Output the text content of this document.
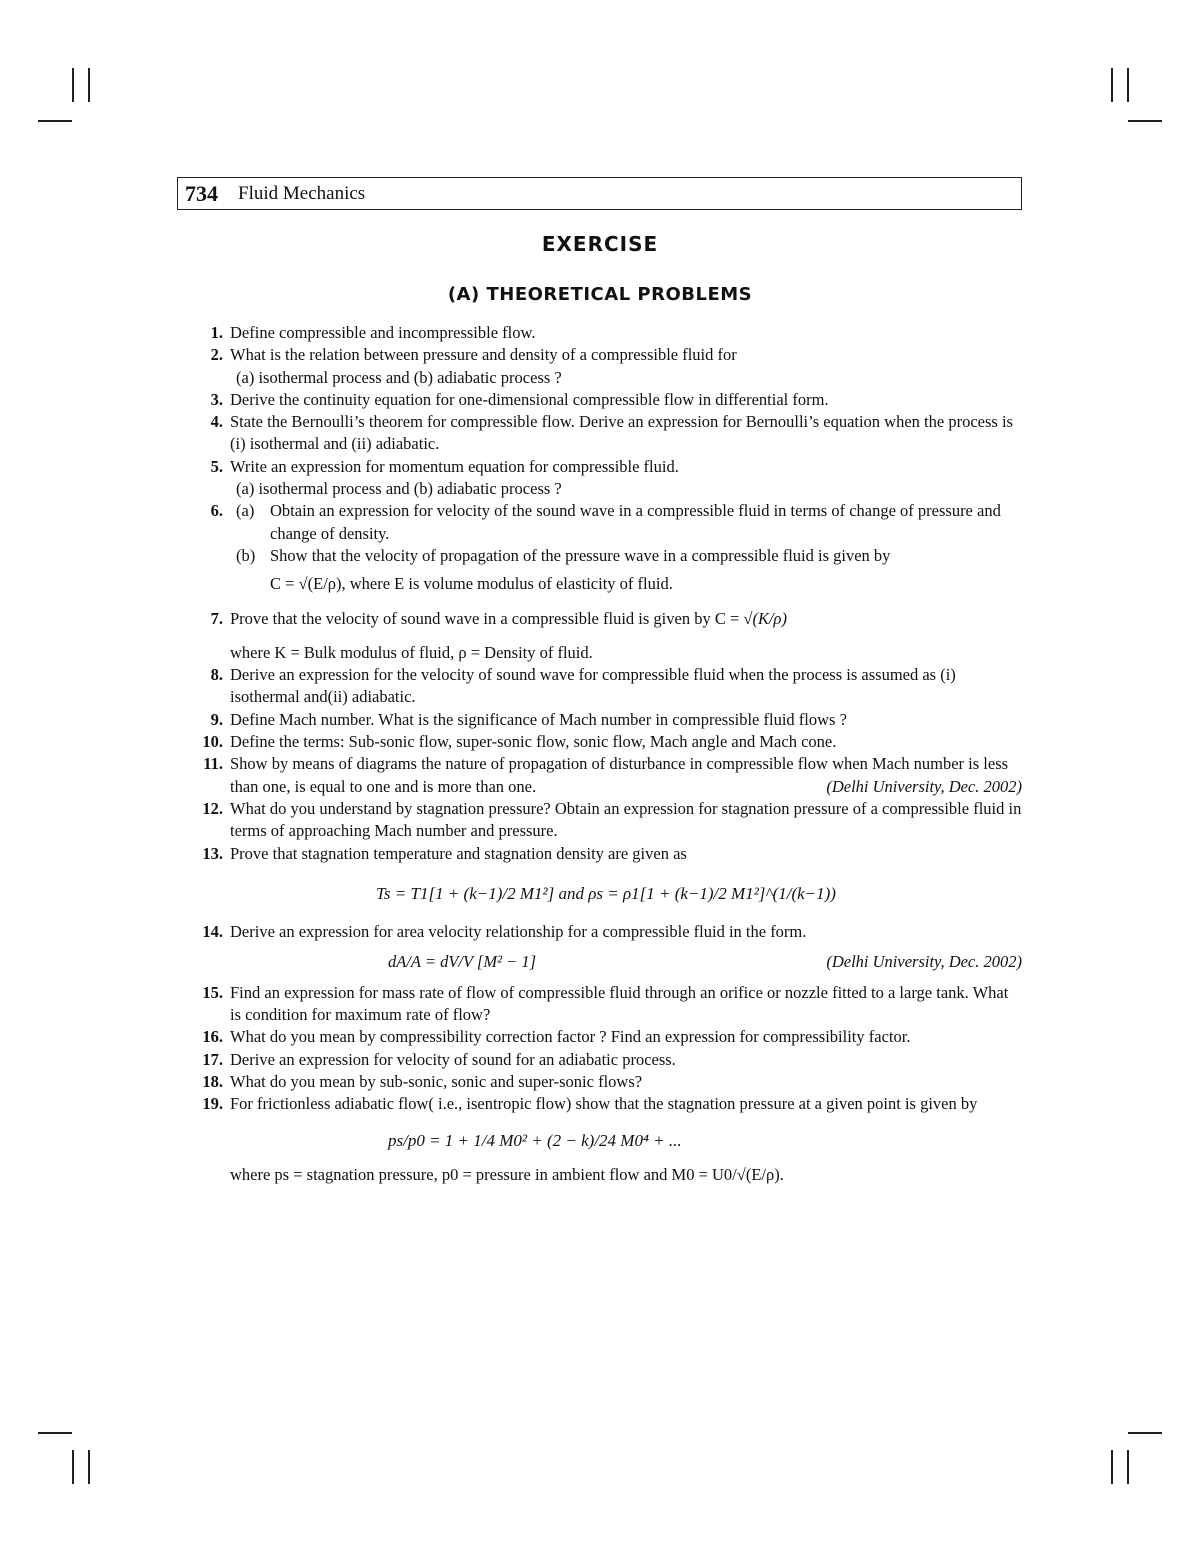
734 Fluid Mechanics
EXERCISE
(A) THEORETICAL PROBLEMS
1. Define compressible and incompressible flow.
2. What is the relation between pressure and density of a compressible fluid for
(a) isothermal process and (b) adiabatic process ?
3. Derive the continuity equation for one-dimensional compressible flow in differential form.
4. State the Bernoulli’s theorem for compressible flow. Derive an expression for Bernoulli’s equation when the process is (i) isothermal and (ii) adiabatic.
5. Write an expression for momentum equation for compressible fluid.
(a) isothermal process and (b) adiabatic process ?
6. (a) Obtain an expression for velocity of the sound wave in a compressible fluid in terms of change of pressure and change of density.
(b) Show that the velocity of propagation of the pressure wave in a compressible fluid is given by
C = √(E/ρ), where E is volume modulus of elasticity of fluid.
7. Prove that the velocity of sound wave in a compressible fluid is given by C = √(K/ρ)
where K = Bulk modulus of fluid, ρ = Density of fluid.
8. Derive an expression for the velocity of sound wave for compressible fluid when the process is assumed as (i) isothermal and(ii) adiabatic.
9. Define Mach number. What is the significance of Mach number in compressible fluid flows ?
10. Define the terms: Sub-sonic flow, super-sonic flow, sonic flow, Mach angle and Mach cone.
11. Show by means of diagrams the nature of propagation of disturbance in compressible flow when Mach number is less than one, is equal to one and is more than one.	(Delhi University, Dec. 2002)
12. What do you understand by stagnation pressure? Obtain an expression for stagnation pressure of a compressible fluid in terms of approaching Mach number and pressure.
13. Prove that stagnation temperature and stagnation density are given as
Ts = T1[1 + (k−1)/2 M1²] and ρs = ρ1[1 + (k−1)/2 M1²]^(1/(k−1))
14. Derive an expression for area velocity relationship for a compressible fluid in the form.
dA/A = dV/V [M² − 1]	(Delhi University, Dec. 2002)
15. Find an expression for mass rate of flow of compressible fluid through an orifice or nozzle fitted to a large tank. What is condition for maximum rate of flow?
16. What do you mean by compressibility correction factor ? Find an expression for compressibility factor.
17. Derive an expression for velocity of sound for an adiabatic process.
18. What do you mean by sub-sonic, sonic and super-sonic flows?
19. For frictionless adiabatic flow( i.e., isentropic flow) show that the stagnation pressure at a given point is given by
ps/p0 = 1 + 1/4 M0² + (2 − k)/24 M0⁴ + ...
where ps = stagnation pressure, p0 = pressure in ambient flow and M0 = U0/√(E/ρ).
